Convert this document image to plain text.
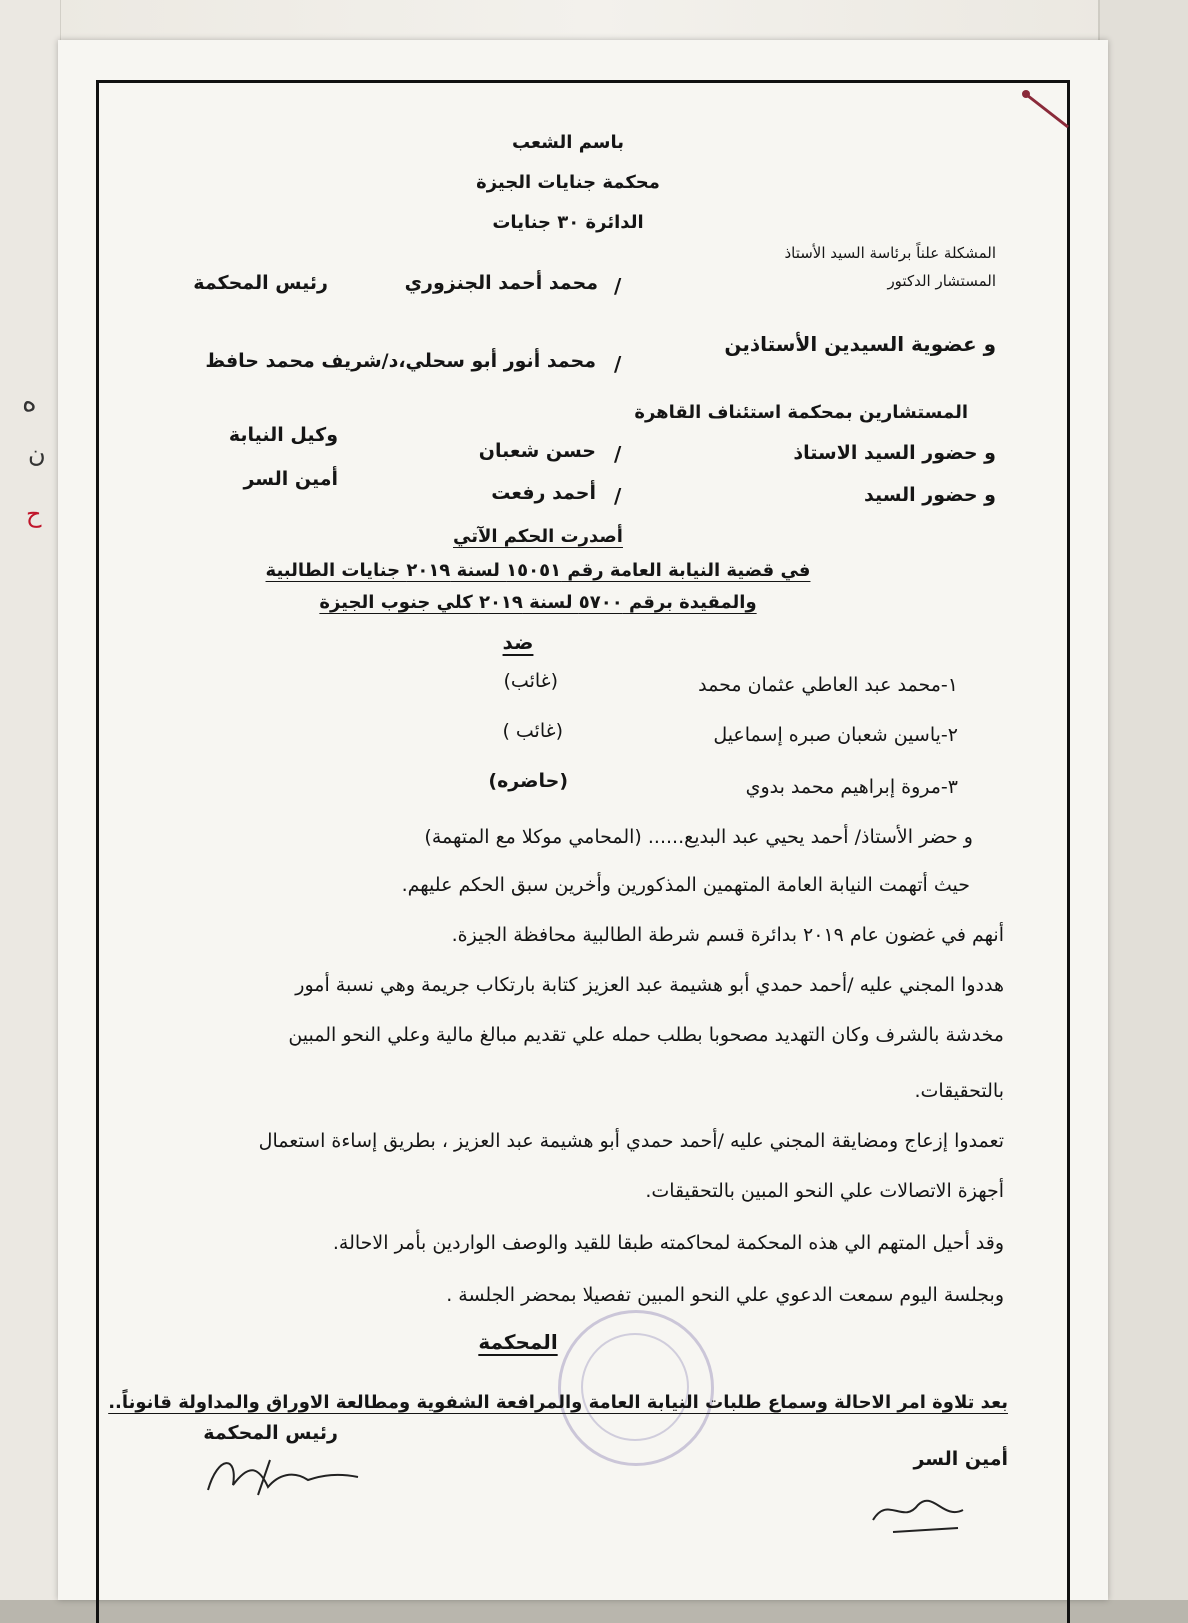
ه
ن
ح
باسم الشعب
محكمة جنايات الجيزة
الدائرة ٣٠ جنايات
المشكلة علناً برئاسة السيد الأستاذ
المستشار الدكتور
/
محمد أحمد الجنزوري
رئيس المحكمة
و عضوية السيدين الأستاذين
/
محمد أنور أبو سحلي،د/شريف محمد حافظ
المستشارين بمحكمة استئناف القاهرة
و حضور السيد الاستاذ
/
حسن شعبان
وكيل النيابة
و حضور السيد
/
أحمد رفعت
أمين السر
أصدرت الحكم الآتي
في قضية النيابة العامة رقم ١٥٠٥١ لسنة ٢٠١٩ جنايات الطالبية
والمقيدة برقم ٥٧٠٠ لسنة ٢٠١٩ كلي جنوب الجيزة
ضد
١-محمد عبد العاطي عثمان محمد
(غائب)
٢-ياسين شعبان صبره إسماعيل
(غائب )
٣-مروة إبراهيم محمد بدوي
(حاضره)
و حضر الأستاذ/ أحمد يحيي عبد البديع...... (المحامي موكلا مع المتهمة)
حيث أتهمت النيابة العامة المتهمين المذكورين وأخرين سبق الحكم عليهم.
أنهم في غضون عام ٢٠١٩ بدائرة قسم شرطة الطالبية محافظة الجيزة.
هددوا المجني عليه /أحمد حمدي أبو هشيمة عبد العزيز كتابة بارتكاب جريمة وهي نسبة أمور
مخدشة بالشرف وكان التهديد مصحوبا بطلب حمله علي تقديم مبالغ مالية وعلي النحو المبين
بالتحقيقات.
تعمدوا إزعاج ومضايقة المجني عليه /أحمد حمدي أبو هشيمة عبد العزيز ، بطريق إساءة استعمال
أجهزة الاتصالات علي النحو المبين بالتحقيقات.
وقد أحيل المتهم الي هذه المحكمة لمحاكمته طبقا للقيد والوصف الواردين بأمر الاحالة.
وبجلسة اليوم سمعت الدعوي علي النحو المبين تفصيلا بمحضر الجلسة .
المحكمة
بعد تلاوة امر الاحالة وسماع طلبات النيابة العامة والمرافعة الشفوية ومطالعة الاوراق والمداولة قانوناً..
رئيس المحكمة
أمين السر
